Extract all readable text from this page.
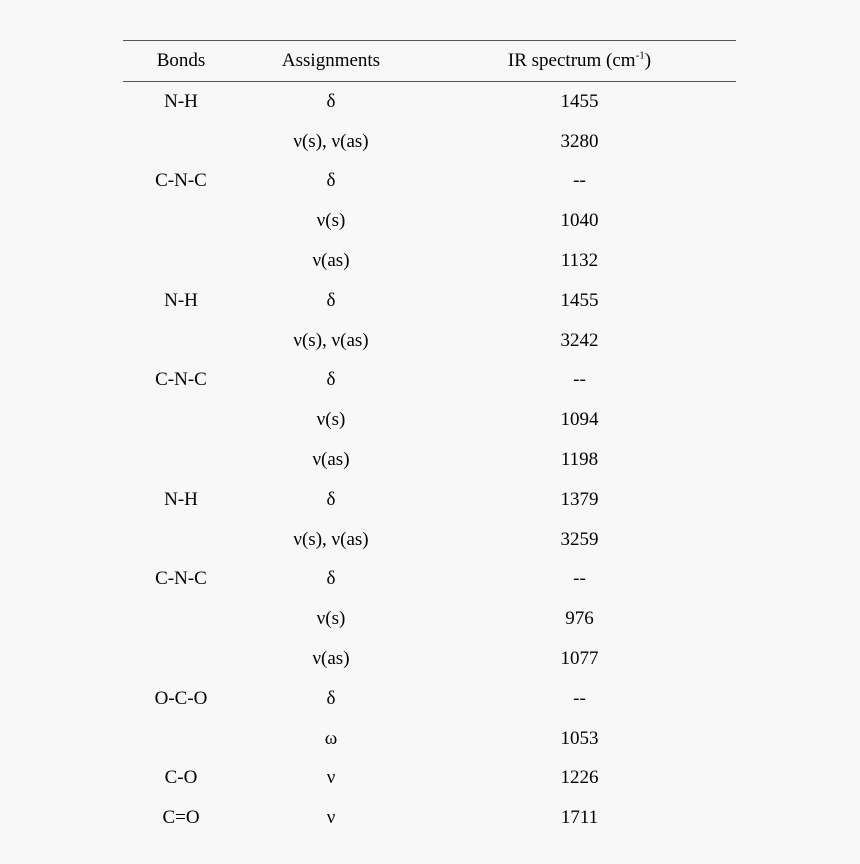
Bonds	Assignments	IR spectrum $(cm^{-1})$
N-H	δ	1455
	ν(s), ν(as)	3280
C-N-C	δ	--
	ν(s)	1040
	ν(as)	1132
N-H	δ	1455
	ν(s), ν(as)	3242
C-N-C	δ	--
	ν(s)	1094
	ν(as)	1198
N-H	δ	1379
	ν(s), ν(as)	3259
C-N-C	δ	--
	ν(s)	976
	ν(as)	1077
O-C-O	δ	--
	ω	1053
C-O	ν	1226
C=O	ν	1711
